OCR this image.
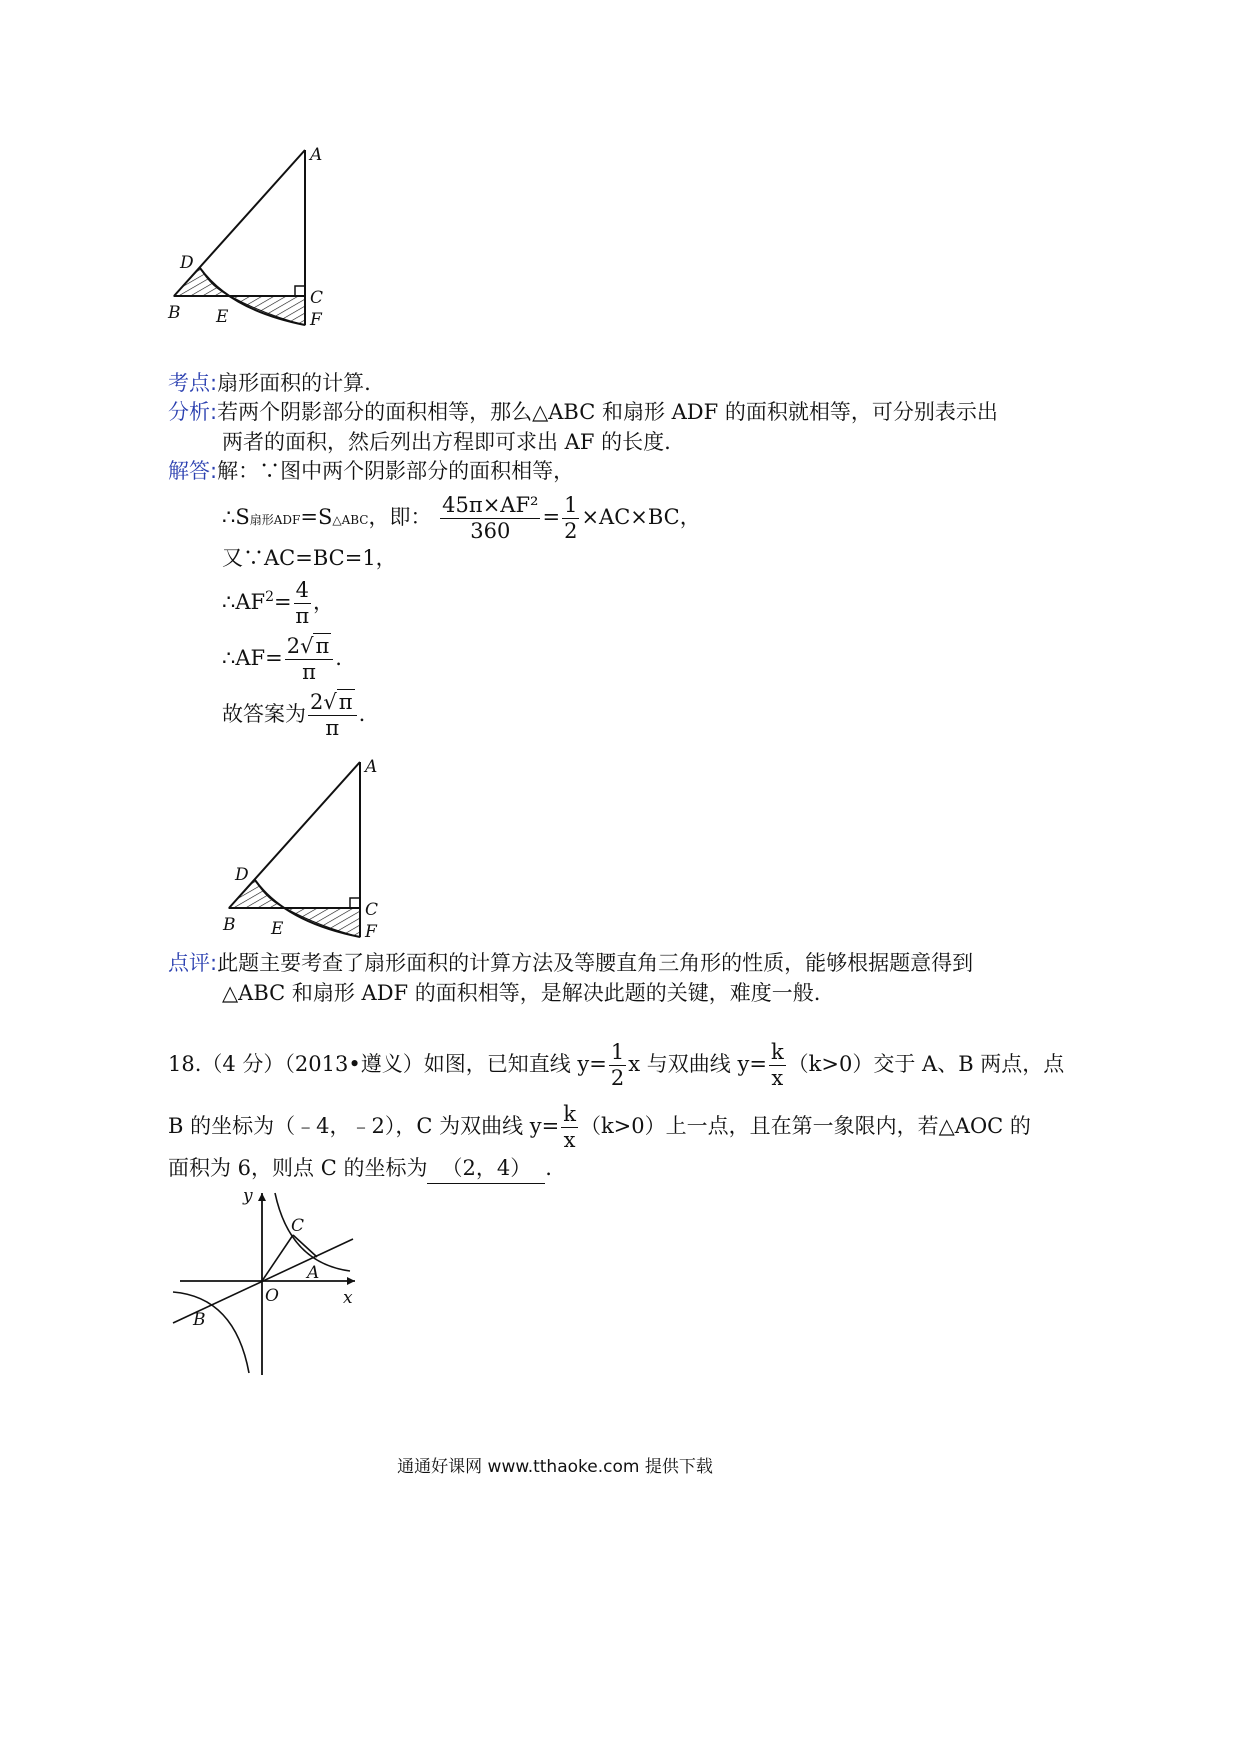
A
D
C
B E	F
考点:扇形面积的计算.
分析:若两个阴影部分的面积相等，那么△ABC 和扇形 ADF 的面积就相等，可分别表示出
两者的面积，然后列出方程即可求出 AF 的长度.
解答:解：∵图中两个阴影部分的面积相等，
∴S扇形ADF=S△ABC，即： $\frac{\text{45π×AF²}}{360} = \frac{1}{2} \times AC\times BC$，
又∵AC=BC=1，
$\therefore AF^2= \frac{4}{\pi}$ ，
∴AF= $\frac{2√\pi}{\pi}$ .
故答案为 $\frac{2√\pi}{\pi}$ .
A
D
C
B E	F
点评:此题主要考查了扇形面积的计算方法及等腰直角三角形的性质，能够根据题意得到
△ABC 和扇形 ADF 的面积相等，是解决此题的关键，难度一般.
18.（4 分）（2013•遵义）如图，已知直线 $y= \frac{1}{2}$ x 与双曲线 $y= \frac{k}{x} (k>0)$交于 A、B 两点，点
B 的坐标为（﹣4，﹣2），C 为双曲线 $y= \frac{k}{x} (k>0)$上一点，且在第一象限内，若△AOC 的
面积为 6，则点 C 的坐标为 （2，4） .
y
C
A
O	x
B
通通好课网 www.tthaoke.com 提供下载
